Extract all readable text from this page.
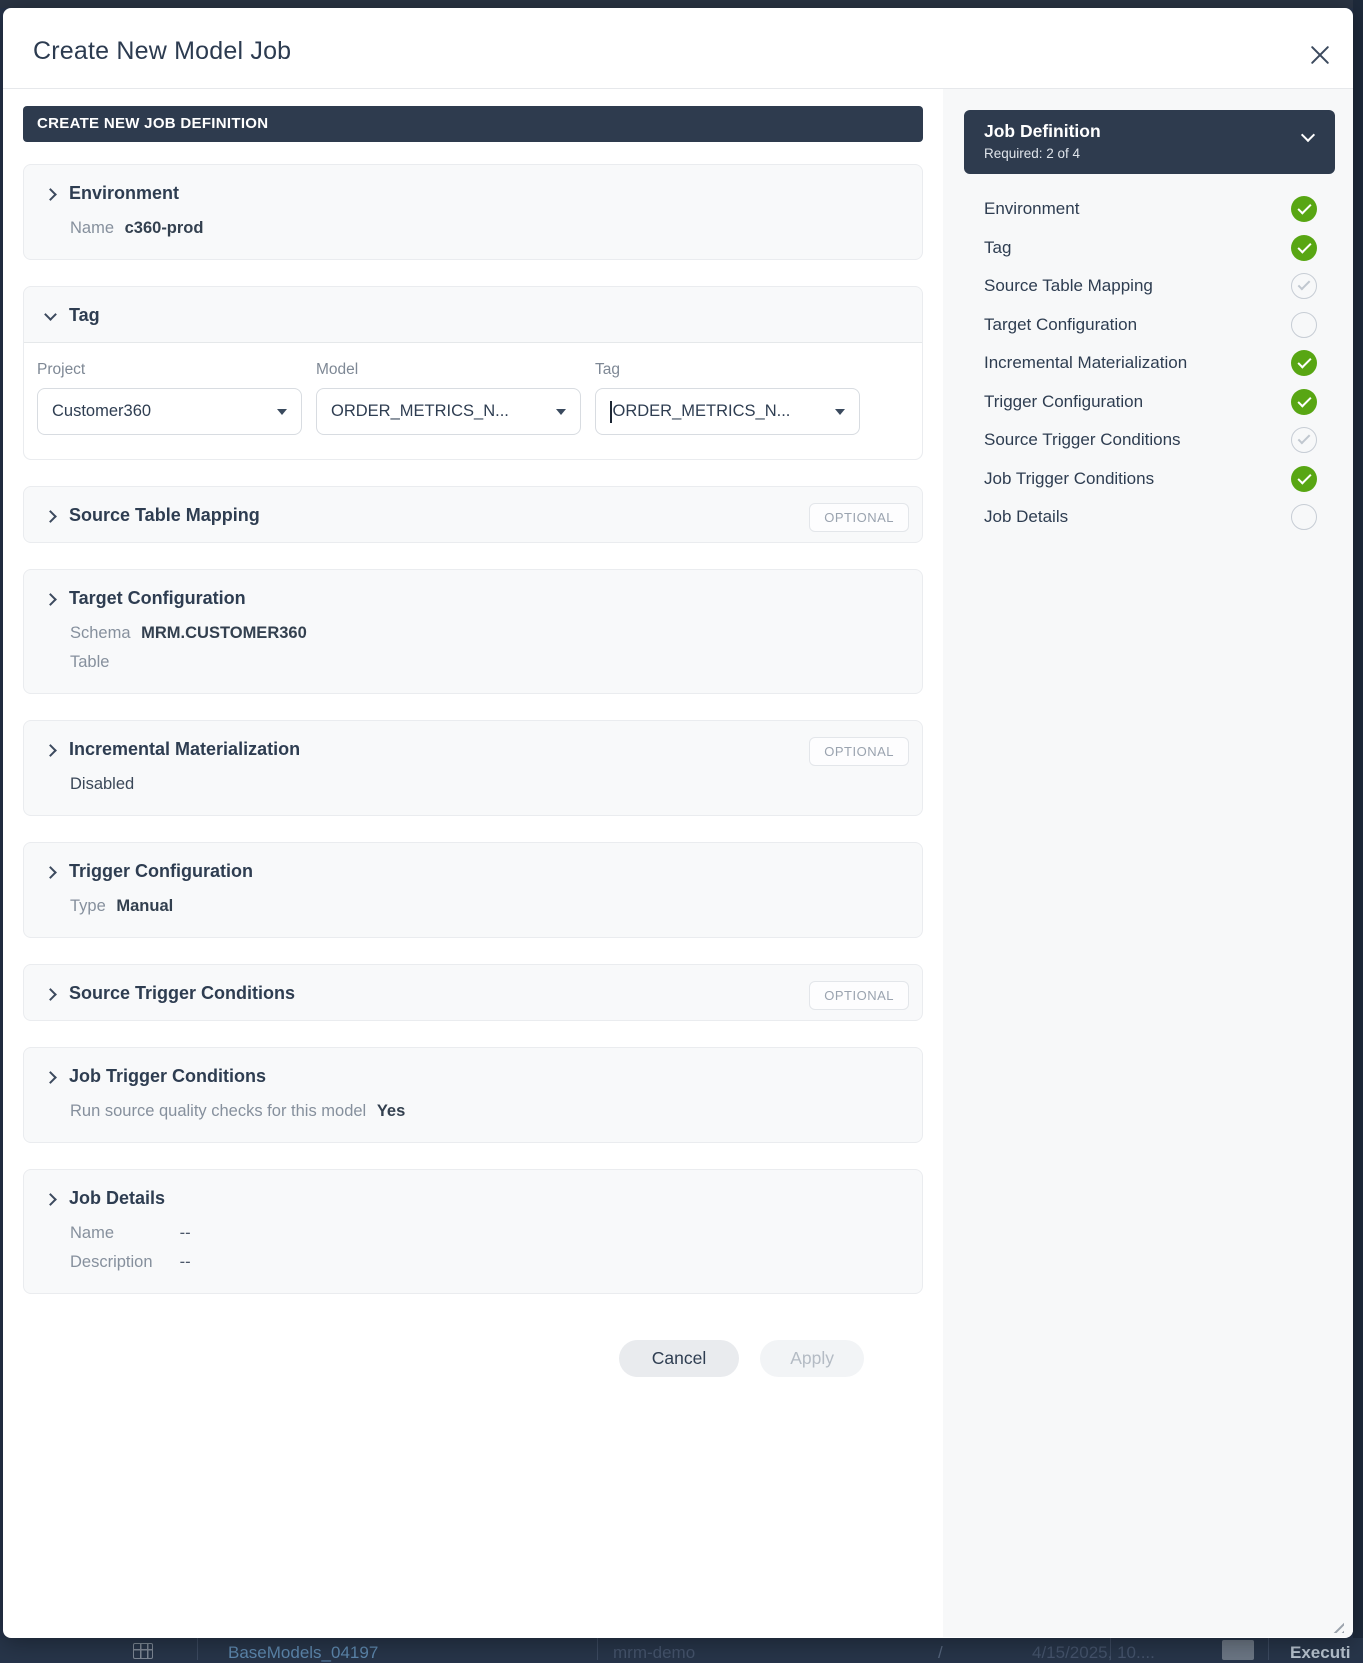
BaseModels_04197	mrm-demo	/	4/15/2025, 10....	Executi
Create New Model Job
CREATE NEW JOB DEFINITION
Environment
Name c360-prod
Tag
Project	Model	Tag
Customer360	ORDER_METRICS_N...	ORDER_METRICS_N...
Source Table Mapping	OPTIONAL
Target Configuration
Schema MRM.CUSTOMER360
Table
Incremental Materialization
Disabled
OPTIONAL
Trigger Configuration
Type Manual
Source Trigger Conditions	OPTIONAL
Job Trigger Conditions
Run source quality checks for this model Yes
Job Details
Name	--
Description --
Cancel	Apply
Job Definition
Required: 2 of 4
Environment
Tag
Source Table Mapping
Target Configuration
Incremental Materialization
Trigger Configuration
Source Trigger Conditions
Job Trigger Conditions
Job Details
